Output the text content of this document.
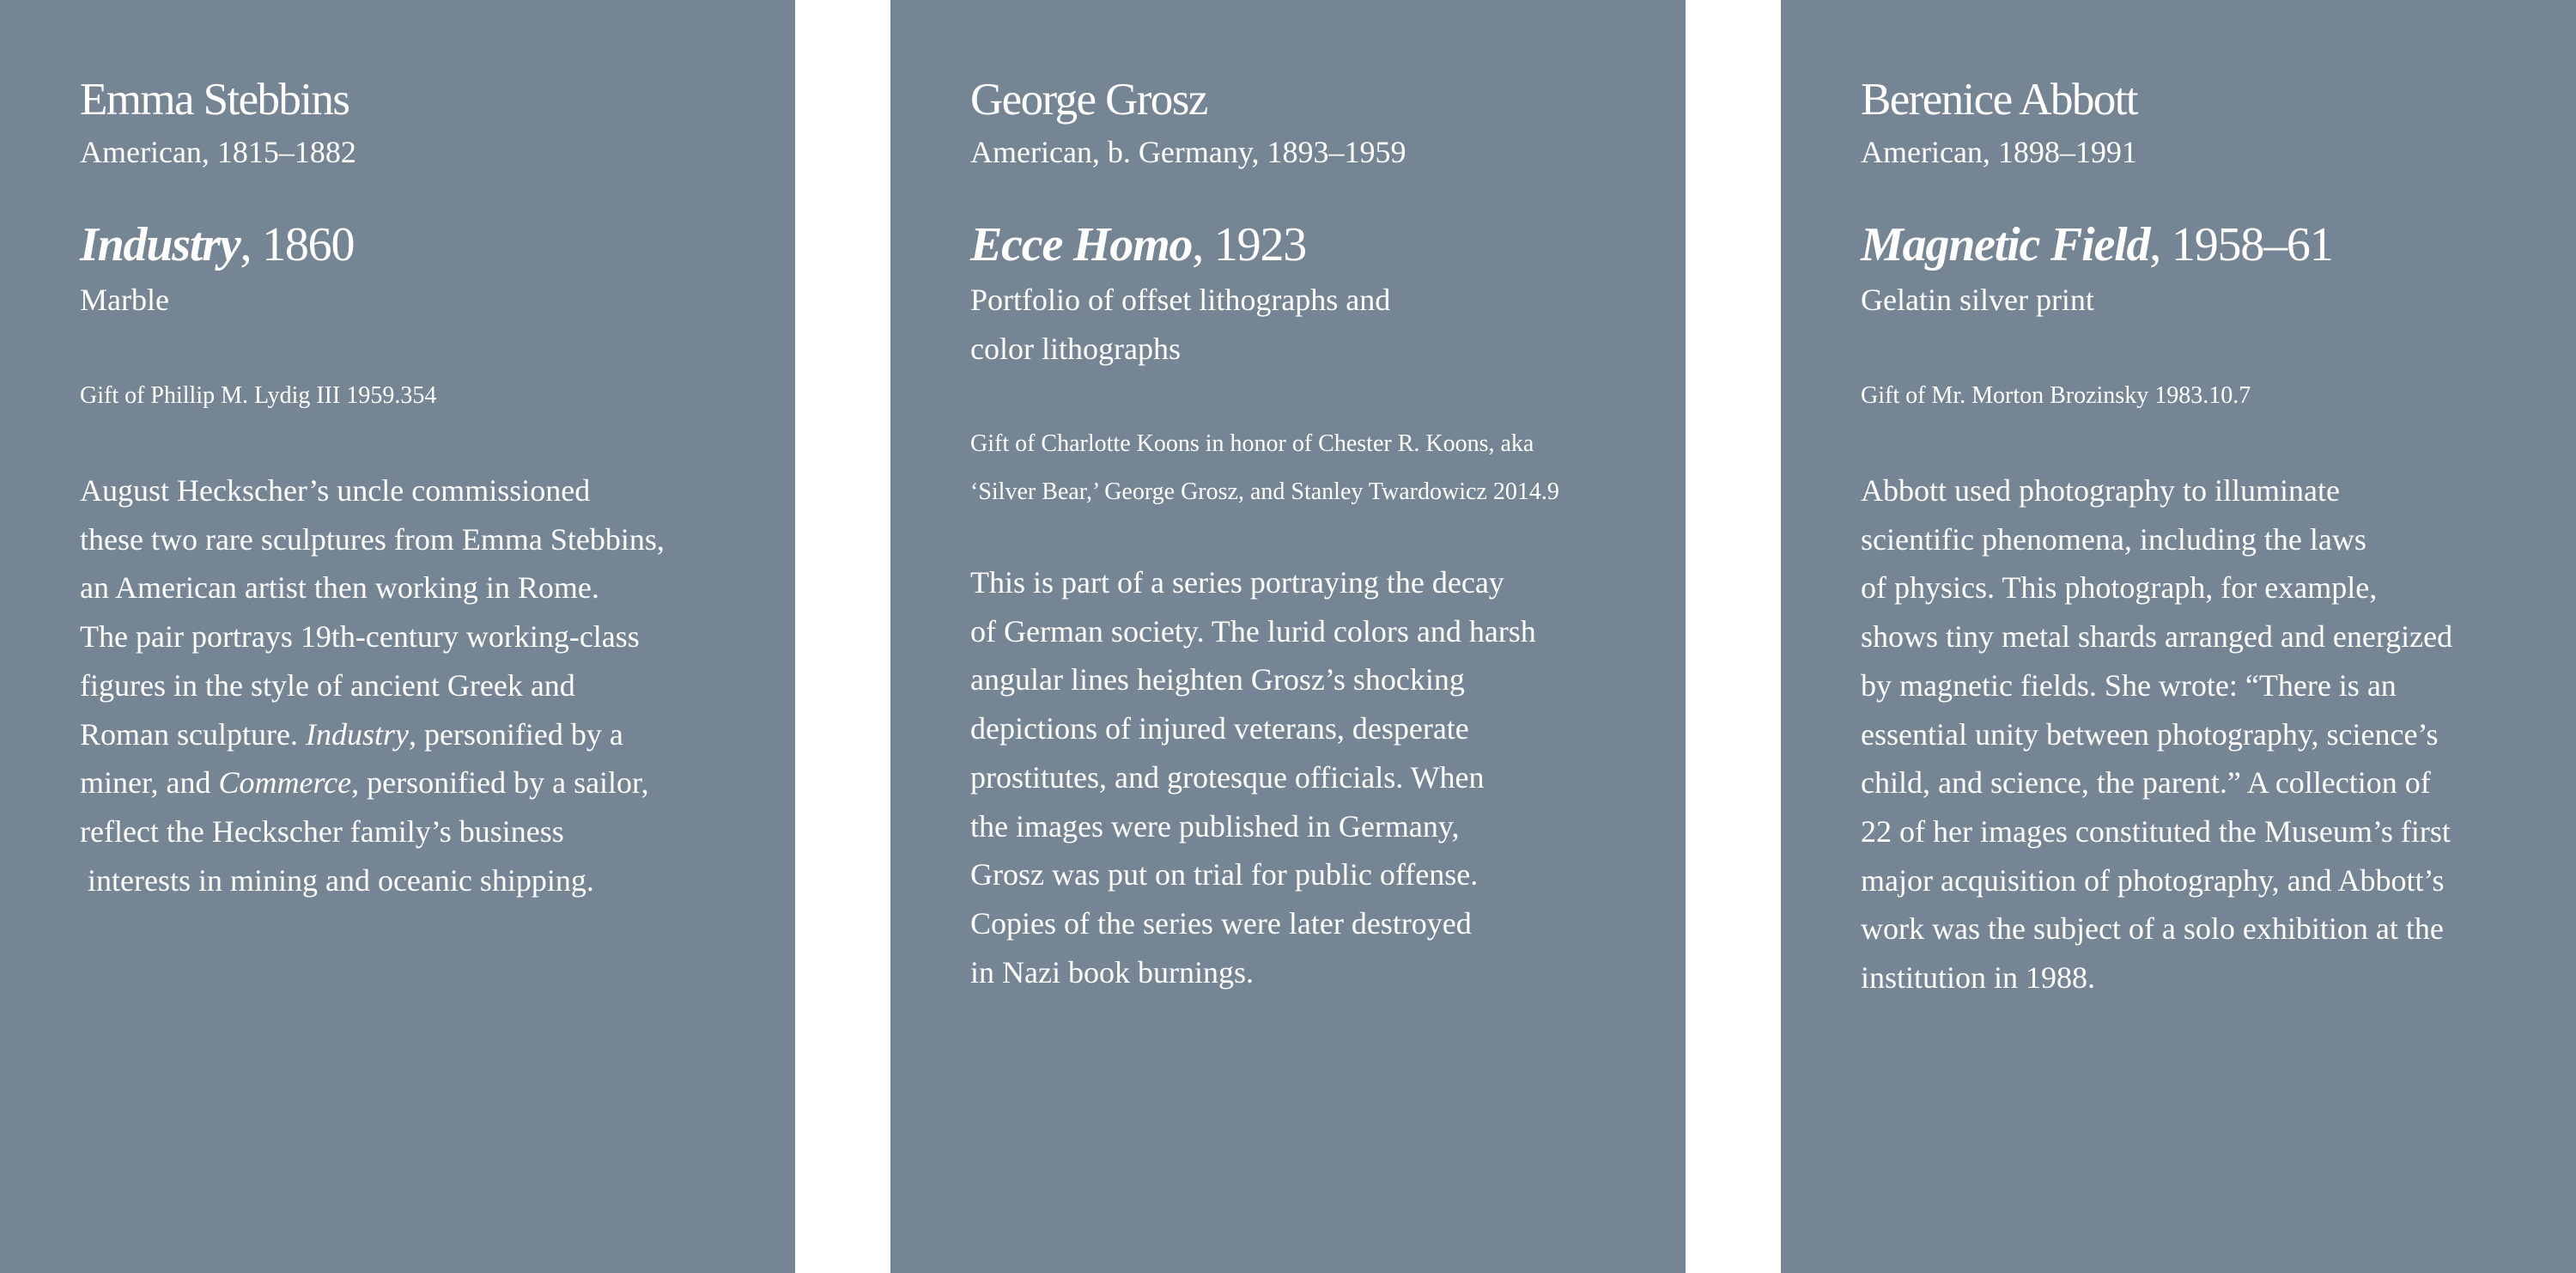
Emma Stebbins
American, 1815–1882
Industry, 1860
Marble
Gift of Phillip M. Lydig III 1959.354
August Heckscher’s uncle commissioned
these two rare sculptures from Emma Stebbins,
an American artist then working in Rome.
The pair portrays 19th-century working-class
figures in the style of ancient Greek and
Roman sculpture. Industry, personified by a
miner, and Commerce, personified by a sailor,
reflect the Heckscher family’s business
interests in mining and oceanic shipping.
George Grosz
American, b. Germany, 1893–1959
Ecce Homo, 1923
Portfolio of offset lithographs and
color lithographs
Gift of Charlotte Koons in honor of Chester R. Koons, aka
‘Silver Bear,’ George Grosz, and Stanley Twardowicz 2014.9
This is part of a series portraying the decay
of German society. The lurid colors and harsh
angular lines heighten Grosz’s shocking
depictions of injured veterans, desperate
prostitutes, and grotesque officials. When
the images were published in Germany,
Grosz was put on trial for public offense.
Copies of the series were later destroyed
in Nazi book burnings.
Berenice Abbott
American, 1898–1991
Magnetic Field, 1958–61
Gelatin silver print
Gift of Mr. Morton Brozinsky 1983.10.7
Abbott used photography to illuminate
scientific phenomena, including the laws
of physics. This photograph, for example,
shows tiny metal shards arranged and energized
by magnetic fields. She wrote: “There is an
essential unity between photography, science’s
child, and science, the parent.” A collection of
22 of her images constituted the Museum’s first
major acquisition of photography, and Abbott’s
work was the subject of a solo exhibition at the
institution in 1988.
